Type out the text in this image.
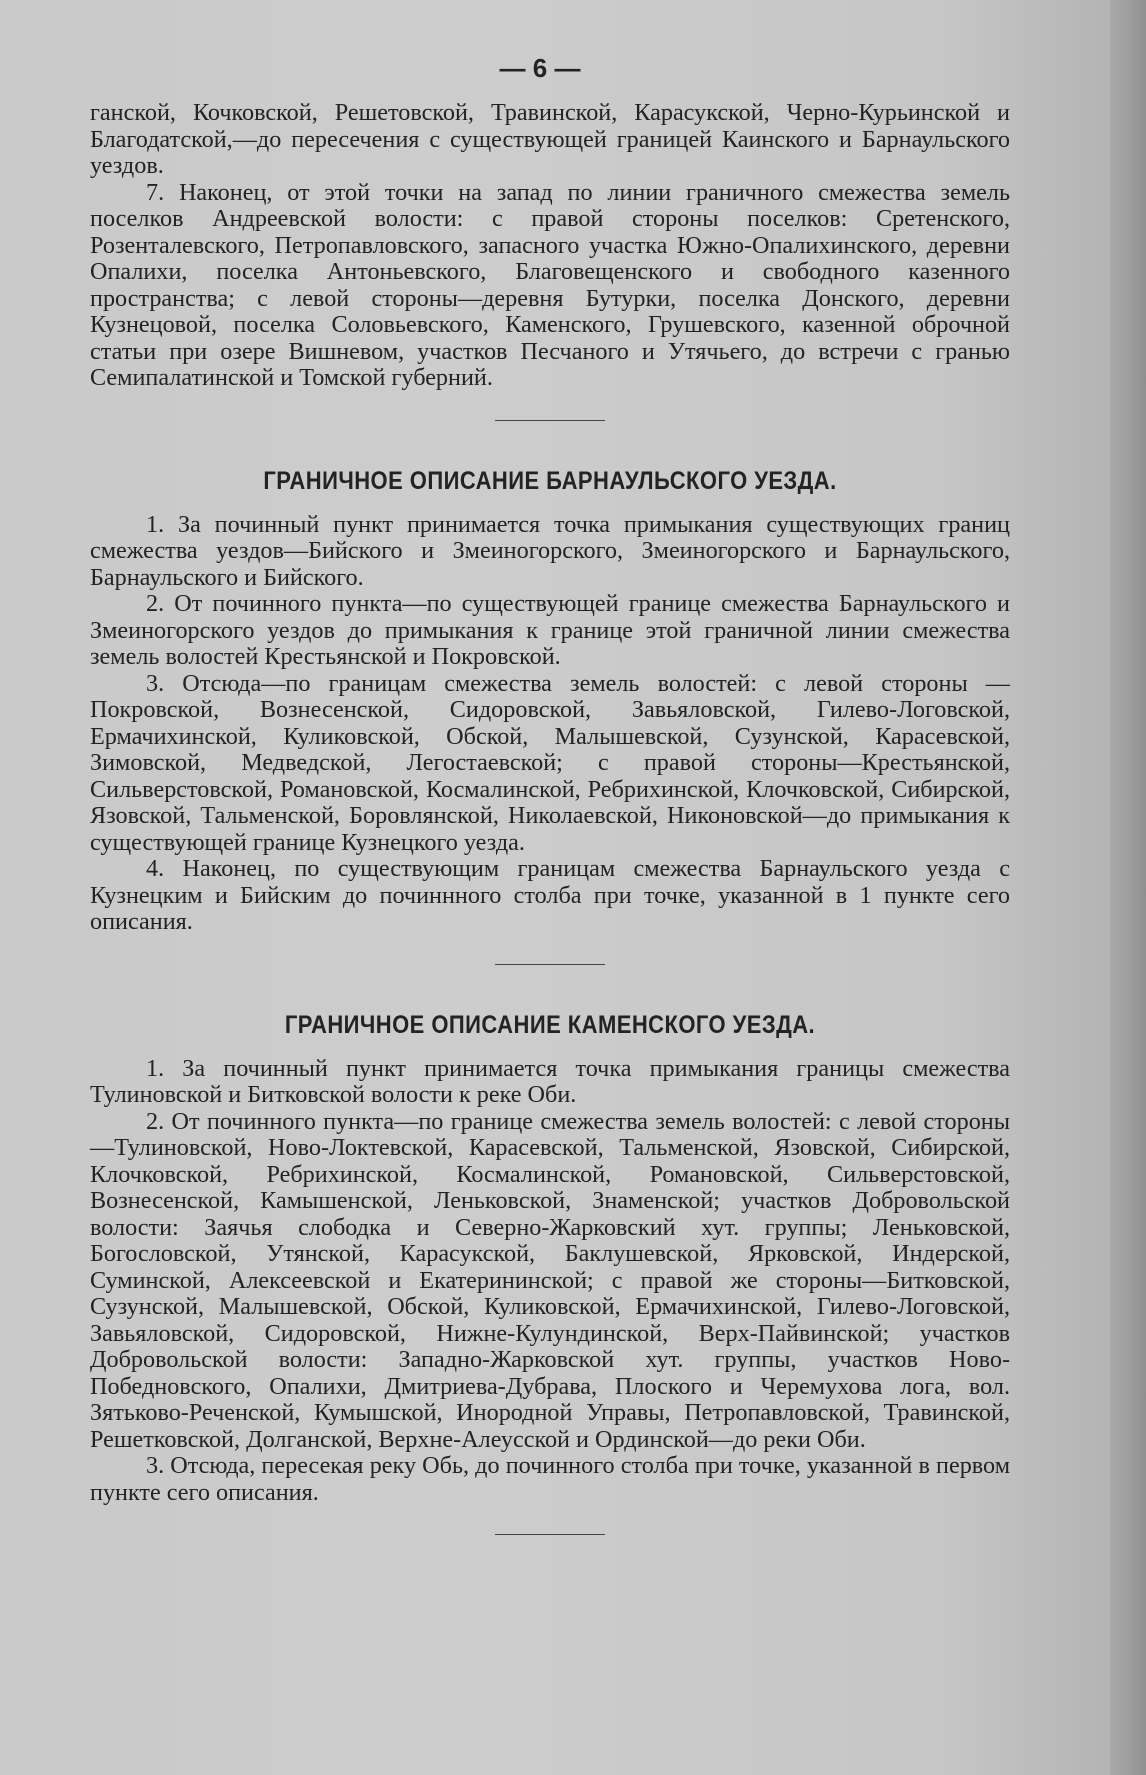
— 6 —

ганской, Кочковской, Решетовской, Травинской, Карасукской, Черно-Курьинской и Благодатской,—до пересечения с существующей границей Каинского и Барнаульского уездов.

7. Наконец, от этой точки на запад по линии граничного смежества земель поселков Андреевской волости: с правой стороны поселков: Сретенского, Розенталевского, Петропавловского, запасного участка Южно-Опалихинского, деревни Опалихи, поселка Антоньевского, Благовещенского и свободного казенного пространства; с левой стороны—деревня Бутурки, поселка Донского, деревни Кузнецовой, поселка Соловьевского, Каменского, Грушевского, казенной оброчной статьи при озере Вишневом, участков Песчаного и Утячьего, до встречи с гранью Семипалатинской и Томской губерний.

ГРАНИЧНОЕ ОПИСАНИЕ БАРНАУЛЬСКОГО УЕЗДА.

1. За починный пункт принимается точка примыкания существующих границ смежества уездов—Бийского и Змеиногорского, Змеиногорского и Барнаульского, Барнаульского и Бийского.

2. От починного пункта—по существующей границе смежества Барнаульского и Змеиногорского уездов до примыкания к границе этой граничной линии смежества земель волостей Крестьянской и Покровской.

3. Отсюда—по границам смежества земель волостей: с левой стороны — Покровской, Вознесенской, Сидоровской, Завьяловской, Гилево-Логовской, Ермачихинской, Куликовской, Обской, Малышевской, Сузунской, Карасевской, Зимовской, Медведской, Легостаевской; с правой стороны—Крестьянской, Сильверстовской, Романовской, Космалинской, Ребрихинской, Клочковской, Сибирской, Язовской, Тальменской, Боровлянской, Николаевской, Никоновской—до примыкания к существующей границе Кузнецкого уезда.

4. Наконец, по существующим границам смежества Барнаульского уезда с Кузнецким и Бийским до починнного столба при точке, указанной в 1 пункте сего описания.

ГРАНИЧНОЕ ОПИСАНИЕ КАМЕНСКОГО УЕЗДА.

1. За починный пункт принимается точка примыкания границы смежества Тулиновской и Битковской волости к реке Оби.

2. От починного пункта—по границе смежества земель волостей: с левой стороны—Тулиновской, Ново-Локтевской, Карасевской, Тальменской, Язовской, Сибирской, Клочковской, Ребрихинской, Космалинской, Романовской, Сильверстовской, Вознесенской, Камышенской, Леньковской, Знаменской; участков Добровольской волости: Заячья слободка и Северно-Жарковский хут. группы; Леньковской, Богословской, Утянской, Карасукской, Баклушевской, Ярковской, Индерской, Суминской, Алексеевской и Екатерининской; с правой же стороны—Битковской, Сузунской, Малышевской, Обской, Куликовской, Ермачихинской, Гилево-Логовской, Завьяловской, Сидоровской, Нижне-Кулундинской, Верх-Пайвинской; участков Добровольской волости: Западно-Жарковской хут. группы, участков Ново-Победновского, Опалихи, Дмитриева-Дубрава, Плоского и Черемухова лога, вол. Зятьково-Реченской, Кумышской, Инородной Управы, Петропавловской, Травинской, Решетковской, Долганской, Верхне-Алеусской и Ординской—до реки Оби.

3. Отсюда, пересекая реку Обь, до починного столба при точке, указанной в первом пункте сего описания.
